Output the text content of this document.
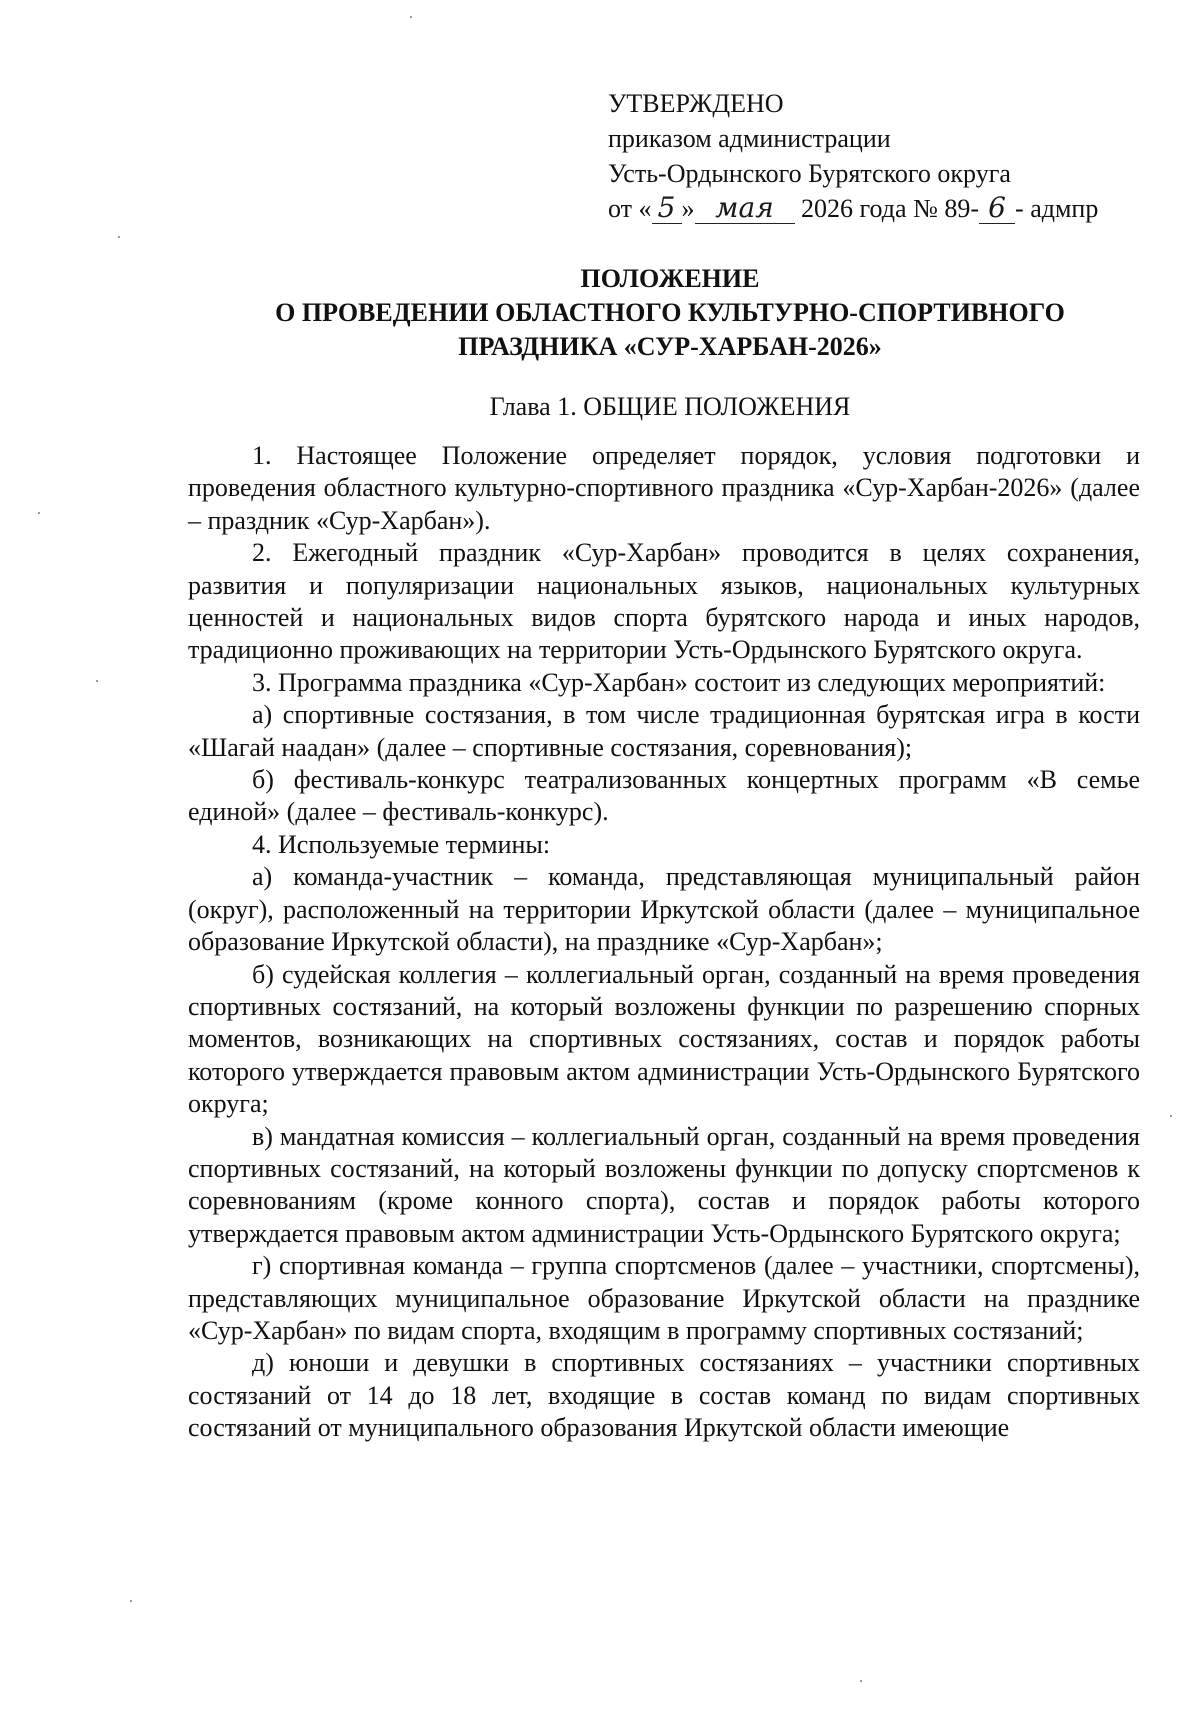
УТВЕРЖДЕНО
приказом администрации
Усть-Ордынского Бурятского округа
от « 5 » мая 2026 года № 89- 6 - адмпр
ПОЛОЖЕНИЕ
О ПРОВЕДЕНИИ ОБЛАСТНОГО КУЛЬТУРНО-СПОРТИВНОГО
ПРАЗДНИКА «СУР-ХАРБАН-2026»
Глава 1. ОБЩИЕ ПОЛОЖЕНИЯ

1. Настоящее Положение определяет порядок, условия подготовки и проведения областного культурно-спортивного праздника «Сур-Харбан-2026» (далее – праздник «Сур-Харбан»).

2. Ежегодный праздник «Сур-Харбан» проводится в целях сохранения, развития и популяризации национальных языков, национальных культурных ценностей и национальных видов спорта бурятского народа и иных народов, традиционно проживающих на территории Усть-Ордынского Бурятского округа.

3. Программа праздника «Сур-Харбан» состоит из следующих мероприятий:

а) спортивные состязания, в том числе традиционная бурятская игра в кости «Шагай наадан» (далее – спортивные состязания, соревнования);

б) фестиваль-конкурс театрализованных концертных программ «В семье единой» (далее – фестиваль-конкурс).

4. Используемые термины:

а) команда-участник – команда, представляющая муниципальный район (округ), расположенный на территории Иркутской области (далее – муниципальное образование Иркутской области), на празднике «Сур-Харбан»;

б) судейская коллегия – коллегиальный орган, созданный на время проведения спортивных состязаний, на который возложены функции по разрешению спорных моментов, возникающих на спортивных состязаниях, состав и порядок работы которого утверждается правовым актом администрации Усть-Ордынского Бурятского округа;

в) мандатная комиссия – коллегиальный орган, созданный на время проведения спортивных состязаний, на который возложены функции по допуску спортсменов к соревнованиям (кроме конного спорта), состав и порядок работы которого утверждается правовым актом администрации Усть-Ордынского Бурятского округа;

г) спортивная команда – группа спортсменов (далее – участники, спортсмены), представляющих муниципальное образование Иркутской области на празднике «Сур-Харбан» по видам спорта, входящим в программу спортивных состязаний;

д) юноши и девушки в спортивных состязаниях – участники спортивных состязаний от 14 до 18 лет, входящие в состав команд по видам спортивных состязаний от муниципального образования Иркутской области имеющие
